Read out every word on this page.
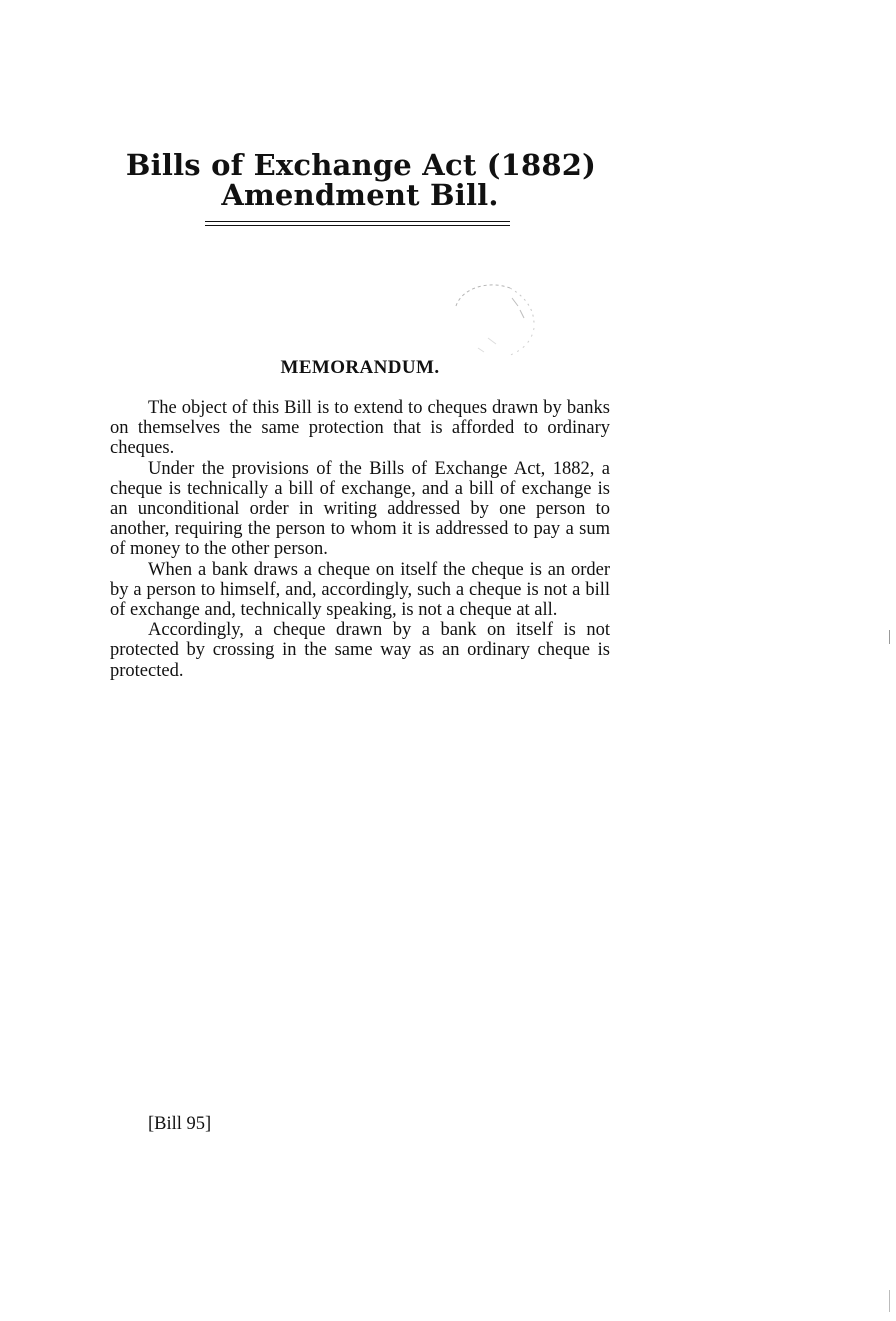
Bills of Exchange Act (1882)
Amendment Bill.
MEMORANDUM.

The object of this Bill is to extend to cheques drawn by banks on themselves the same protection that is afforded to ordinary cheques.

Under the provisions of the Bills of Exchange Act, 1882, a cheque is technically a bill of exchange, and a bill of exchange is an unconditional order in writing addressed by one person to another, requiring the person to whom it is addressed to pay a sum of money to the other person.

When a bank draws a cheque on itself the cheque is an order by a person to himself, and, accordingly, such a cheque is not a bill of exchange and, technically speaking, is not a cheque at all.

Accordingly, a cheque drawn by a bank on itself is not protected by crossing in the same way as an ordinary cheque is protected.

[Bill 95]
